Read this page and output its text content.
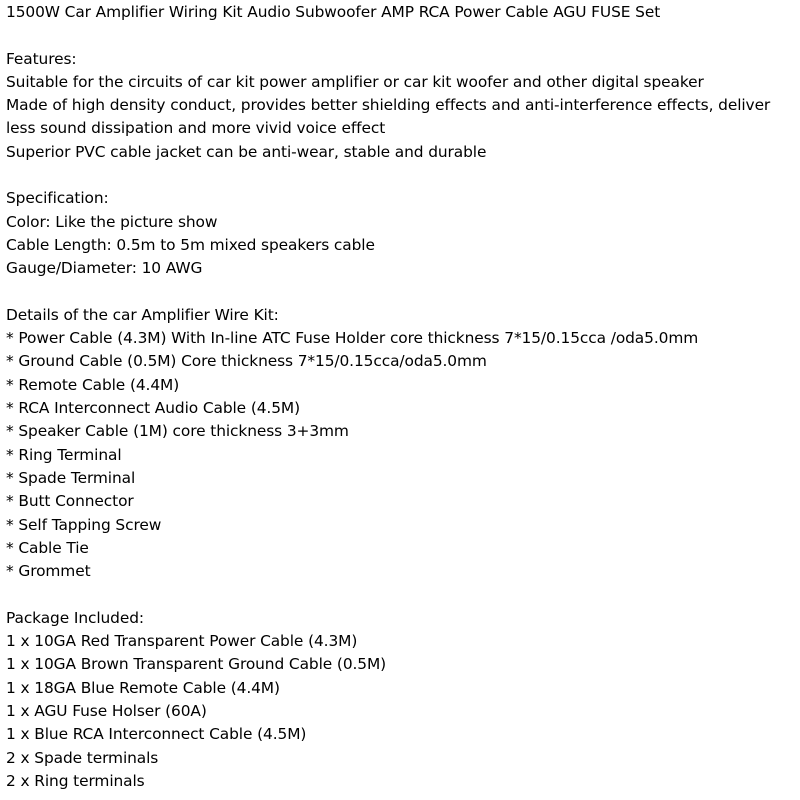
1500W Car Amplifier Wiring Kit Audio Subwoofer AMP RCA Power Cable AGU FUSE Set
Features:
Suitable for the circuits of car kit power amplifier or car kit woofer and other digital speaker
Made of high density conduct, provides better shielding effects and anti-interference effects, deliver
less sound dissipation and more vivid voice effect
Superior PVC cable jacket can be anti-wear, stable and durable
Specification:
Color: Like the picture show
Cable Length: 0.5m to 5m mixed speakers cable
Gauge/Diameter: 10 AWG
Details of the car Amplifier Wire Kit:
* Power Cable (4.3M) With In-line ATC Fuse Holder core thickness 7*15/0.15cca /oda5.0mm
* Ground Cable (0.5M) Core thickness 7*15/0.15cca/oda5.0mm
* Remote Cable (4.4M)
* RCA Interconnect Audio Cable (4.5M)
* Speaker Cable (1M) core thickness 3+3mm
* Ring Terminal
* Spade Terminal
* Butt Connector
* Self Tapping Screw
* Cable Tie
* Grommet
Package Included:
1 x 10GA Red Transparent Power Cable (4.3M)
1 x 10GA Brown Transparent Ground Cable (0.5M)
1 x 18GA Blue Remote Cable (4.4M)
1 x AGU Fuse Holser (60A)
1 x Blue RCA Interconnect Cable (4.5M)
2 x Spade terminals
2 x Ring terminals
